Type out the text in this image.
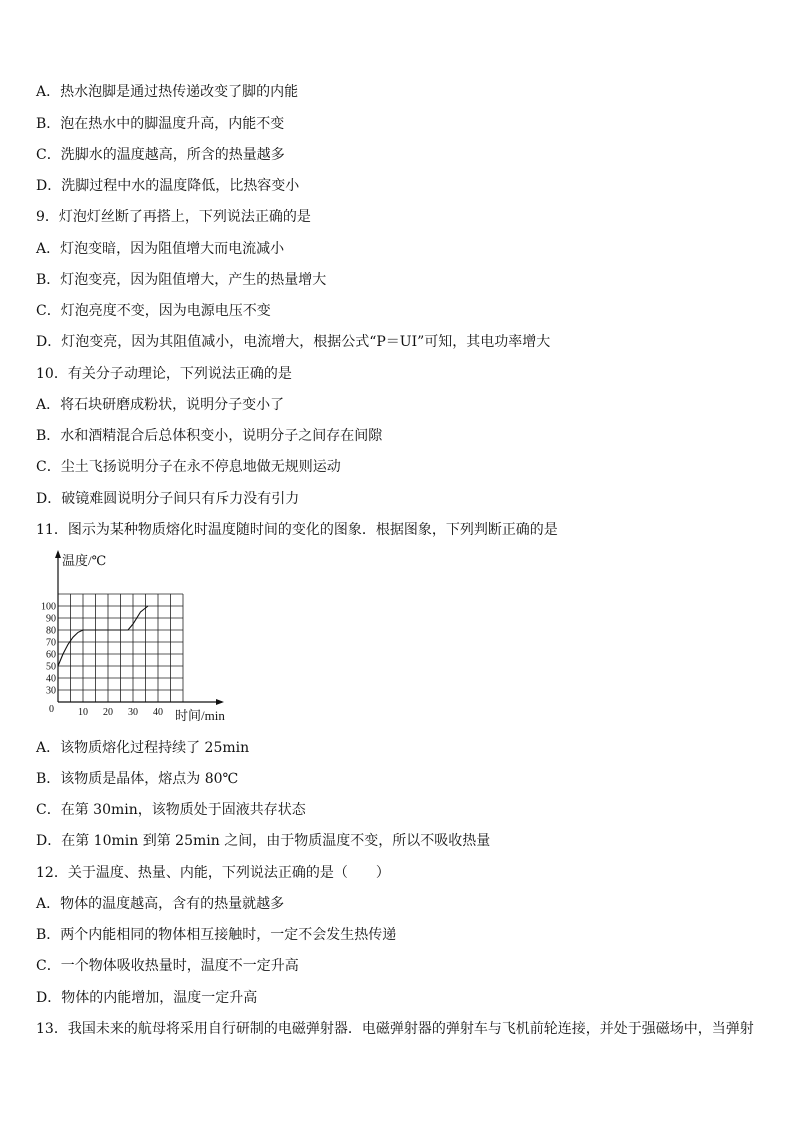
A．热水泡脚是通过热传递改变了脚的内能
B．泡在热水中的脚温度升高，内能不变
C．洗脚水的温度越高，所含的热量越多
D．洗脚过程中水的温度降低，比热容变小
9．灯泡灯丝断了再搭上，下列说法正确的是
A．灯泡变暗，因为阻值增大而电流减小
B．灯泡变亮，因为阻值增大，产生的热量增大
C．灯泡亮度不变，因为电源电压不变
D．灯泡变亮，因为其阻值减小，电流增大，根据公式“P＝UI”可知，其电功率增大
10．有关分子动理论，下列说法正确的是
A．将石块研磨成粉状，说明分子变小了
B．水和酒精混合后总体积变小，说明分子之间存在间隙
C．尘土飞扬说明分子在永不停息地做无规则运动
D．破镜难圆说明分子间只有斥力没有引力
11．图示为某种物质熔化时温度随时间的变化的图象．根据图象，下列判断正确的是
A．该物质熔化过程持续了 25min
B．该物质是晶体，熔点为 80℃
C．在第 30min，该物质处于固液共存状态
D．在第 10min 到第 25min 之间，由于物质温度不变，所以不吸收热量
12．关于温度、热量、内能，下列说法正确的是（　　）
A．物体的温度越高，含有的热量就越多
B．两个内能相同的物体相互接触时，一定不会发生热传递
C．一个物体吸收热量时，温度不一定升高
D．物体的内能增加，温度一定升高
13．我国未来的航母将采用自行研制的电磁弹射器．电磁弹射器的弹射车与飞机前轮连接，并处于强磁场中，当弹射
30
40
50
60
70
80
90
100
10 20 30 40
温度/℃
时间/min
0
